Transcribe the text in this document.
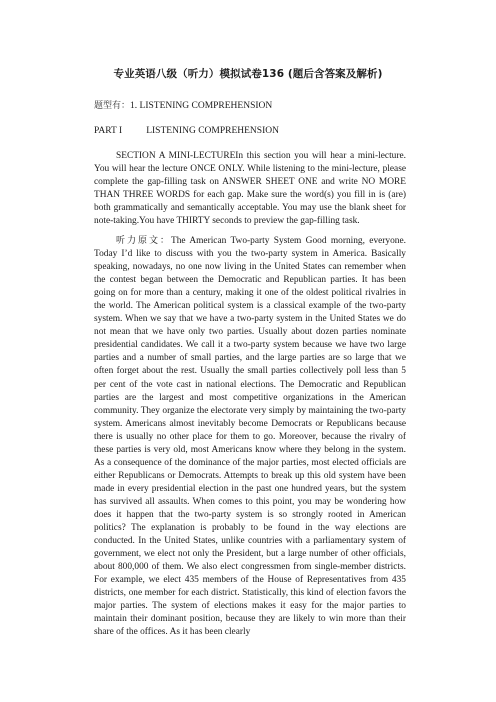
专业英语八级（听力）模拟试卷136 (题后含答案及解析)
题型有：1. LISTENING COMPREHENSION
PART I	LISTENING COMPREHENSION

SECTION A MINI-LECTUREIn this section you will hear a mini-lecture. You will hear the lecture ONCE ONLY. While listening to the mini-lecture, please complete the gap-filling task on ANSWER SHEET ONE and write NO MORE THAN THREE WORDS for each gap. Make sure the word(s) you fill in is (are) both grammatically and semantically acceptable. You may use the blank sheet for note-taking.You have THIRTY seconds to preview the gap-filling task.

听力原文：The American Two-party System Good morning, everyone. Today I’d like to discuss with you the two-party system in America. Basically speaking, nowadays, no one now living in the United States can remember when the contest began between the Democratic and Republican parties. It has been going on for more than a century, making it one of the oldest political rivalries in the world. The American political system is a classical example of the two-party system. When we say that we have a two-party system in the United States we do not mean that we have only two parties. Usually about dozen parties nominate presidential candidates. We call it a two-party system because we have two large parties and a number of small parties, and the large parties are so large that we often forget about the rest. Usually the small parties collectively poll less than 5 per cent of the vote cast in national elections. The Democratic and Republican parties are the largest and most competitive organizations in the American community. They organize the electorate very simply by maintaining the two-party system. Americans almost inevitably become Democrats or Republicans because there is usually no other place for them to go. Moreover, because the rivalry of these parties is very old, most Americans know where they belong in the system. As a consequence of the dominance of the major parties, most elected officials are either Republicans or Democrats. Attempts to break up this old system have been made in every presidential election in the past one hundred years, but the system has survived all assaults. When comes to this point, you may be wondering how does it happen that the two-party system is so strongly rooted in American politics? The explanation is probably to be found in the way elections are conducted. In the United States, unlike countries with a parliamentary system of government, we elect not only the President, but a large number of other officials, about 800,000 of them. We also elect congressmen from single-member districts. For example, we elect 435 members of the House of Representatives from 435 districts, one member for each district. Statistically, this kind of election favors the major parties. The system of elections makes it easy for the major parties to maintain their dominant position, because they are likely to win more than their share of the offices. As it has been clearly
